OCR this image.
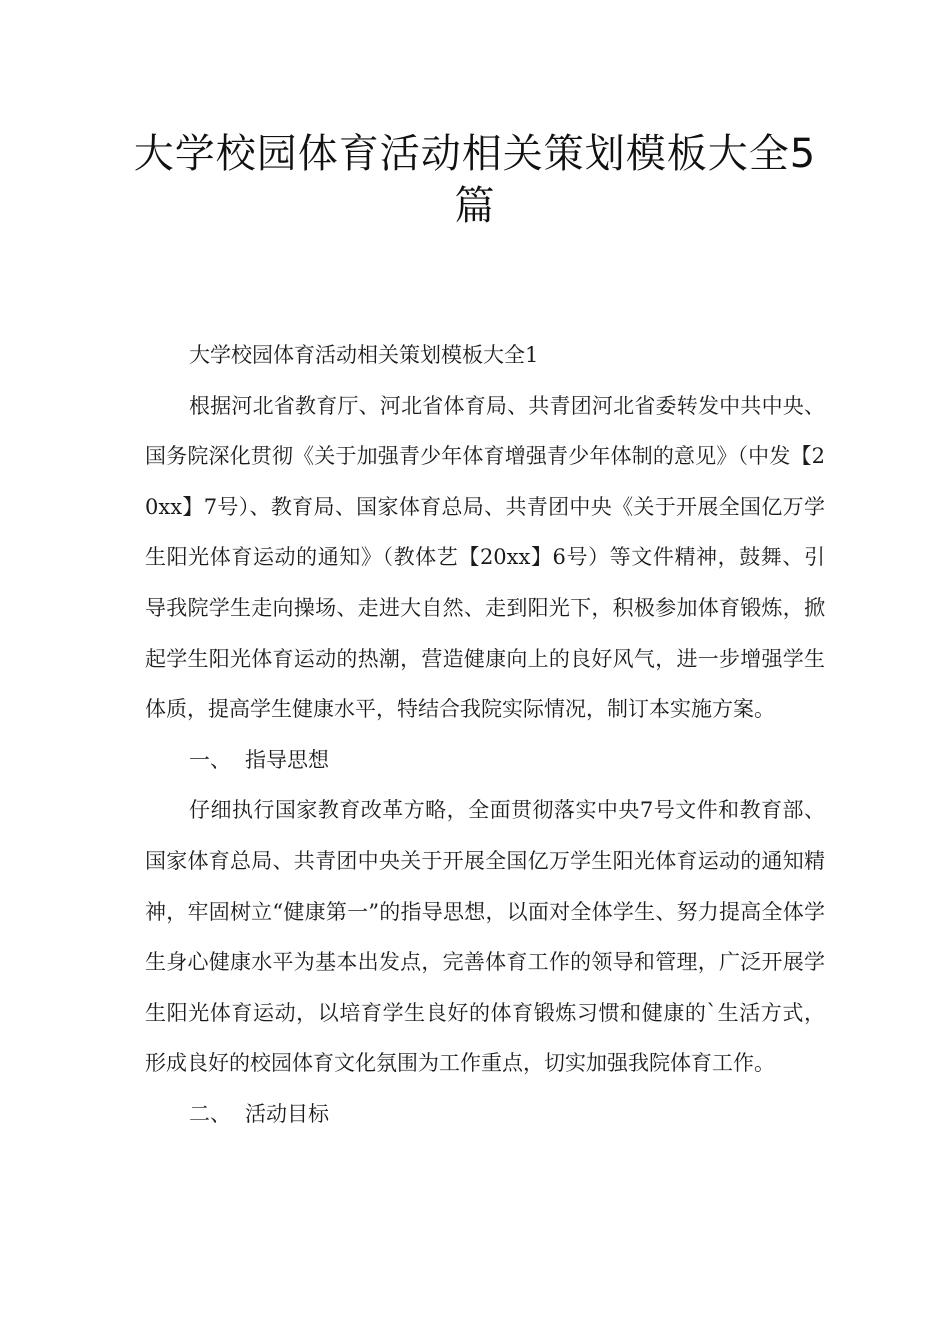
大学校园体育活动相关策划模板大全5篇

大学校园体育活动相关策划模板大全1

根据河北省教育厅、河北省体育局、共青团河北省委转发中共中央、国务院深化贯彻《关于加强青少年体育增强青少年体制的意见》（中发【20xx】7号）、教育局、国家体育总局、共青团中央《关于开展全国亿万学生阳光体育运动的通知》（教体艺【20xx】6号）等文件精神，鼓舞、引导我院学生走向操场、走进大自然、走到阳光下，积极参加体育锻炼，掀起学生阳光体育运动的热潮，营造健康向上的良好风气，进一步增强学生体质，提高学生健康水平，特结合我院实际情况，制订本实施方案。

一、 指导思想

仔细执行国家教育改革方略，全面贯彻落实中央7号文件和教育部、国家体育总局、共青团中央关于开展全国亿万学生阳光体育运动的通知精神，牢固树立“健康第一”的指导思想，以面对全体学生、努力提高全体学生身心健康水平为基本出发点，完善体育工作的领导和管理，广泛开展学生阳光体育运动，以培育学生良好的体育锻炼习惯和健康的`生活方式，形成良好的校园体育文化氛围为工作重点，切实加强我院体育工作。

二、 活动目标
